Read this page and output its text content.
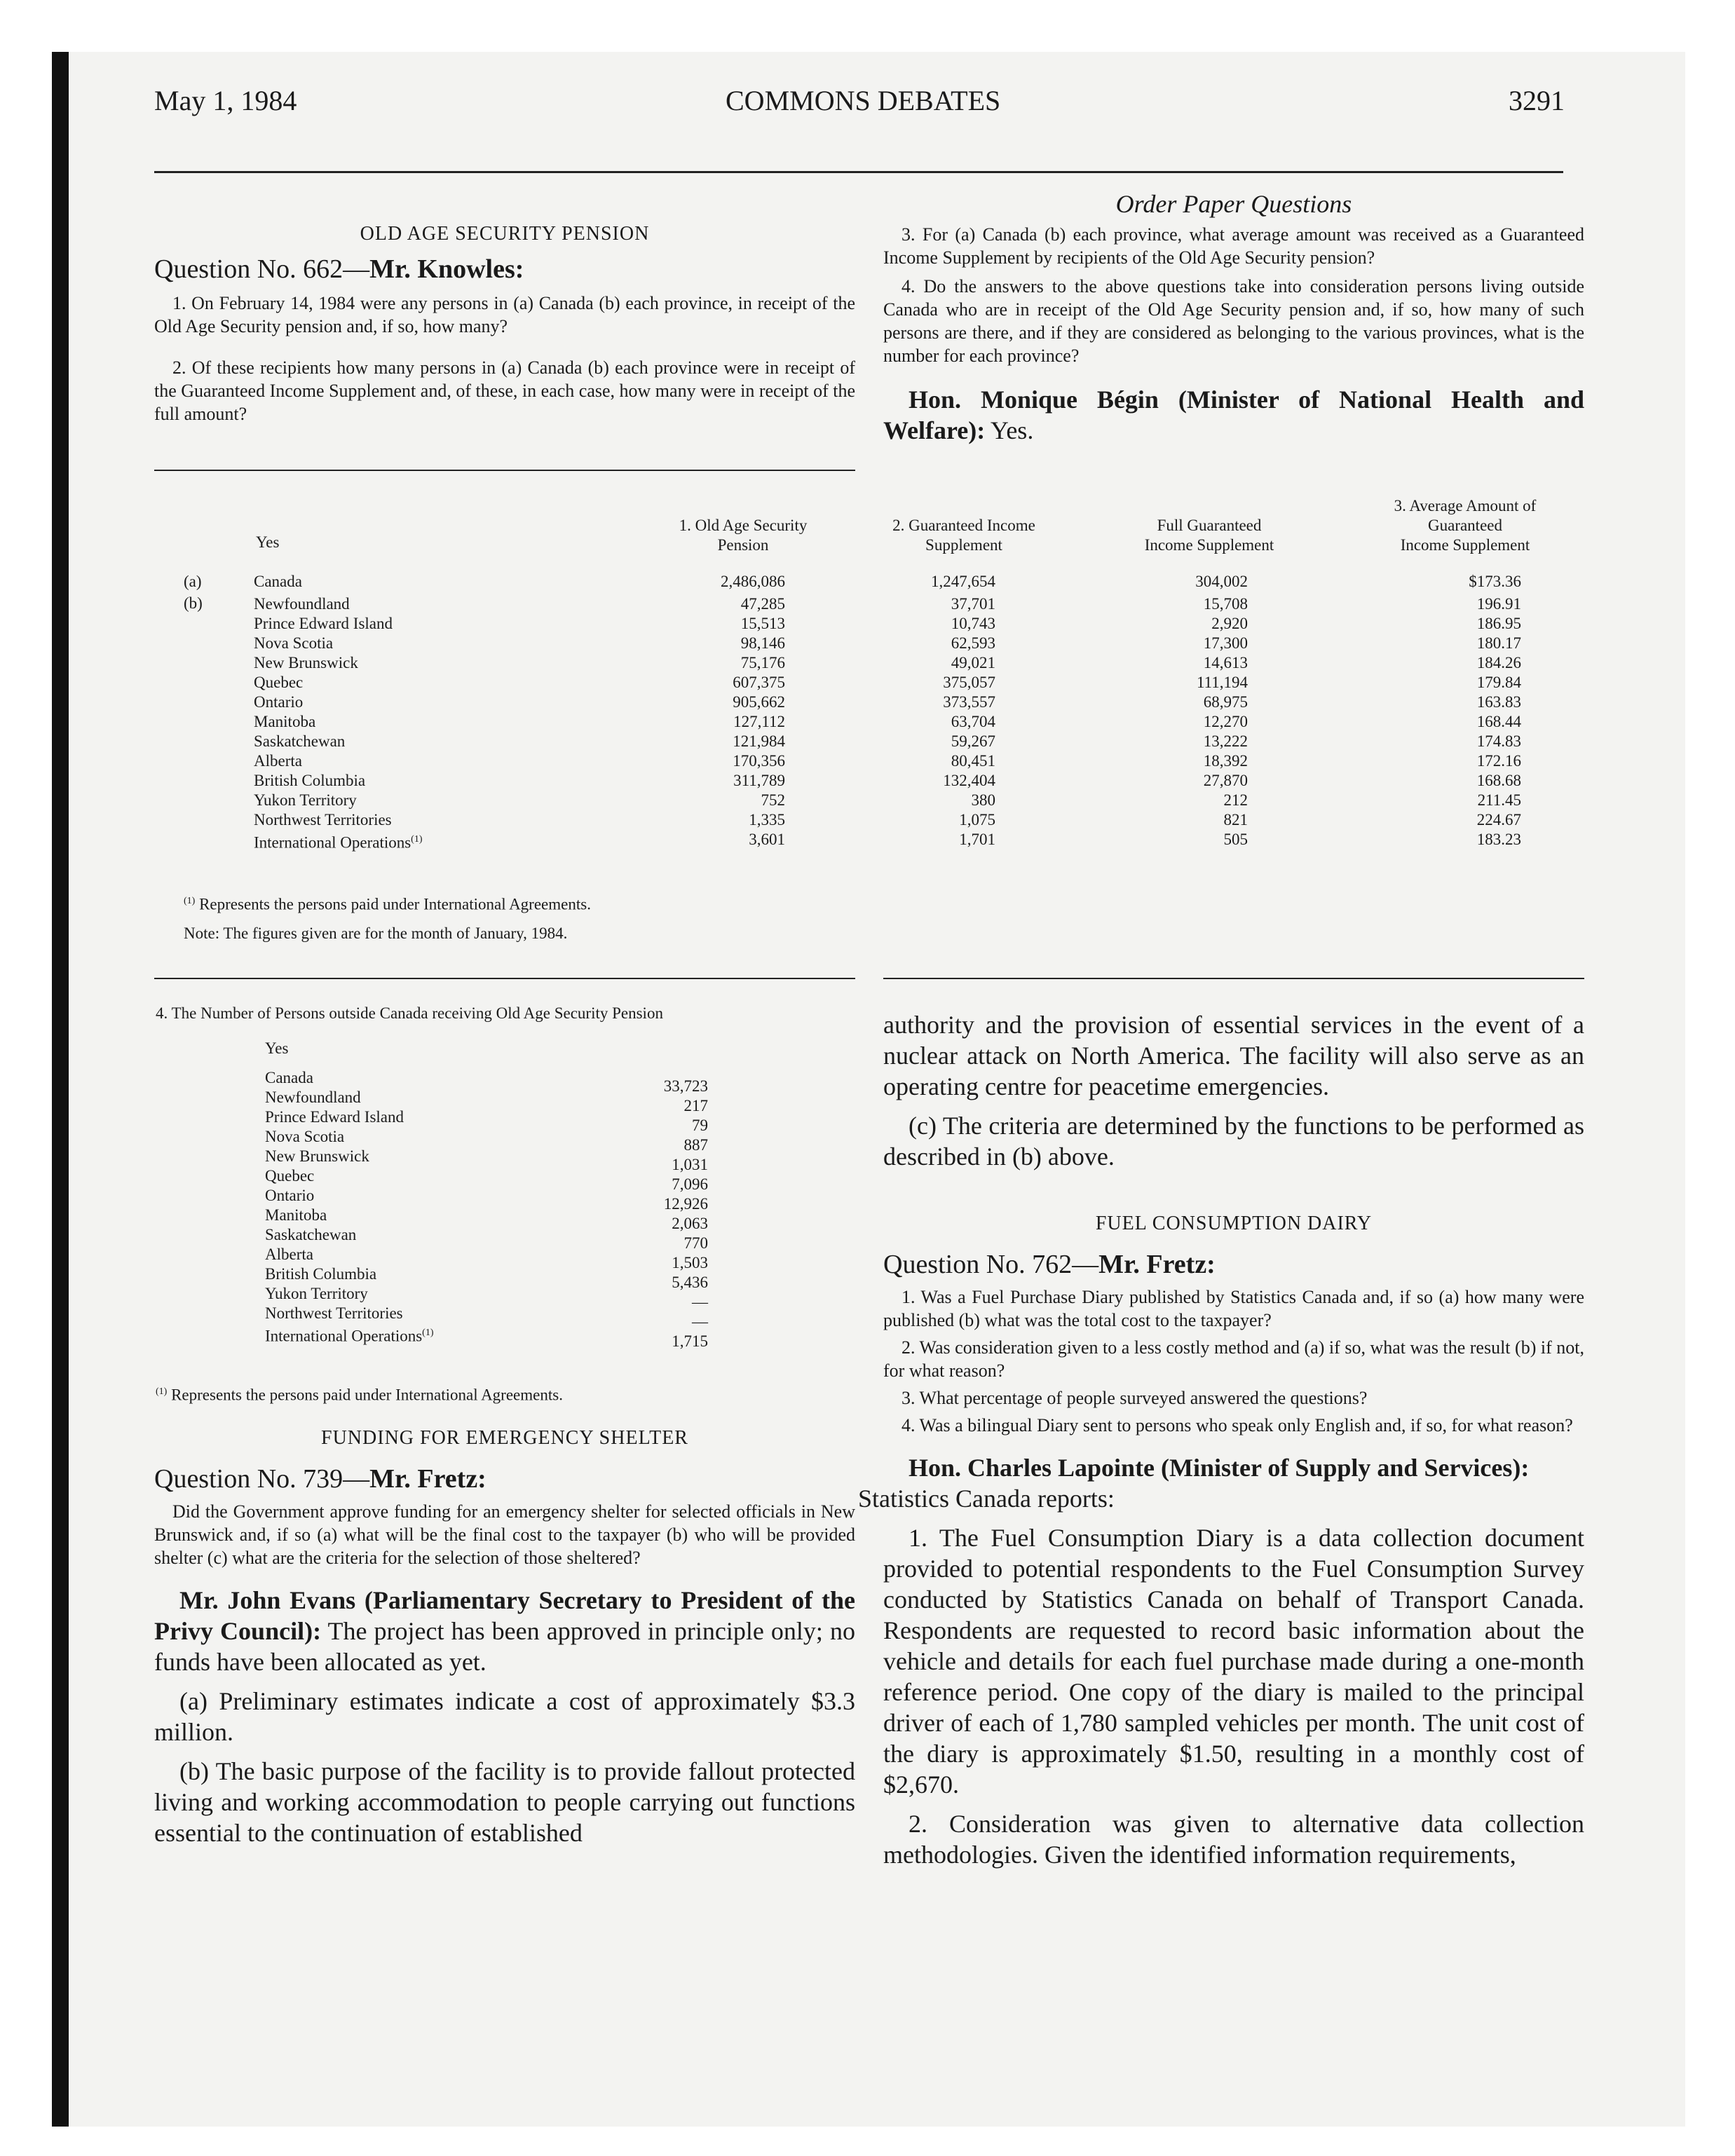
May 1, 1984	COMMONS DEBATES	3291
OLD AGE SECURITY PENSION

Question No. 662—Mr. Knowles:

1. On February 14, 1984 were any persons in (a) Canada (b) each province, in receipt of the Old Age Security pension and, if so, how many?

2. Of these recipients how many persons in (a) Canada (b) each province were in receipt of the Guaranteed Income Supplement and, of these, in each case, how many were in receipt of the full amount?

Yes
1. Old Age Security
Pension
2. Guaranteed Income
Supplement
Full Guaranteed
Income Supplement
3. Average Amount of
Guaranteed
Income Supplement
(a)
(b)
Canada
Newfoundland
Prince Edward Island
Nova Scotia
New Brunswick
Quebec
Ontario
Manitoba
Saskatchewan
Alberta
British Columbia
Yukon Territory
Northwest Territories
International Operations$^{(1)}$
2,486,086
47,285
15,513
98,146
75,176
607,375
905,662
127,112
121,984
170,356
311,789
752
1,335
3,601
1,247,654
37,701
10,743
62,593
49,021
375,057
373,557
63,704
59,267
80,451
132,404
380
1,075
1,701
304,002
15,708
2,920
17,300
14,613
111,194
68,975
12,270
13,222
18,392
27,870
212
821
505
$173.36
196.91
186.95
180.17
184.26
179.84
163.83
168.44
174.83
172.16
168.68
211.45
224.67
183.23
$^{(1)}$ Represents the persons paid under International Agreements.
Note: The figures given are for the month of January, 1984.
4. The Number of Persons outside Canada receiving Old Age Security Pension
Yes
Canada
Newfoundland
Prince Edward Island
Nova Scotia
New Brunswick
Quebec
Ontario
Manitoba
Saskatchewan
Alberta
British Columbia
Yukon Territory
Northwest Territories
International Operations$^{(1)}$
33,723
217
79
887
1,031
7,096
12,926
2,063
770
1,503
5,436
—
—
1,715
$^{(1)}$ Represents the persons paid under International Agreements.
FUNDING FOR EMERGENCY SHELTER

Question No. 739—Mr. Fretz:

Did the Government approve funding for an emergency shelter for selected officials in New Brunswick and, if so (a) what will be the final cost to the taxpayer (b) who will be provided shelter (c) what are the criteria for the selection of those sheltered?

Mr. John Evans (Parliamentary Secretary to President of the Privy Council): The project has been approved in principle only; no funds have been allocated as yet.

(a) Preliminary estimates indicate a cost of approximately $3.3 million.

(b) The basic purpose of the facility is to provide fallout protected living and working accommodation to people carrying out functions essential to the continuation of established

Order Paper Questions

3. For (a) Canada (b) each province, what average amount was received as a Guaranteed Income Supplement by recipients of the Old Age Security pension?

4. Do the answers to the above questions take into consideration persons living outside Canada who are in receipt of the Old Age Security pension and, if so, how many of such persons are there, and if they are considered as belonging to the various provinces, what is the number for each province?

Hon. Monique Bégin (Minister of National Health and Welfare): Yes.

authority and the provision of essential services in the event of a nuclear attack on North America. The facility will also serve as an operating centre for peacetime emergencies.

(c) The criteria are determined by the functions to be performed as described in (b) above.

FUEL CONSUMPTION DAIRY

Question No. 762—Mr. Fretz:

1. Was a Fuel Purchase Diary published by Statistics Canada and, if so (a) how many were published (b) what was the total cost to the taxpayer?

2. Was consideration given to a less costly method and (a) if so, what was the result (b) if not, for what reason?

3. What percentage of people surveyed answered the questions?

4. Was a bilingual Diary sent to persons who speak only English and, if so, for what reason?

Hon. Charles Lapointe (Minister of Supply and Services):
Statistics Canada reports:

1. The Fuel Consumption Diary is a data collection document provided to potential respondents to the Fuel Consumption Survey conducted by Statistics Canada on behalf of Transport Canada. Respondents are requested to record basic information about the vehicle and details for each fuel purchase made during a one-month reference period. One copy of the diary is mailed to the principal driver of each of 1,780 sampled vehicles per month. The unit cost of the diary is approximately $1.50, resulting in a monthly cost of $2,670.

2. Consideration was given to alternative data collection methodologies. Given the identified information requirements,
